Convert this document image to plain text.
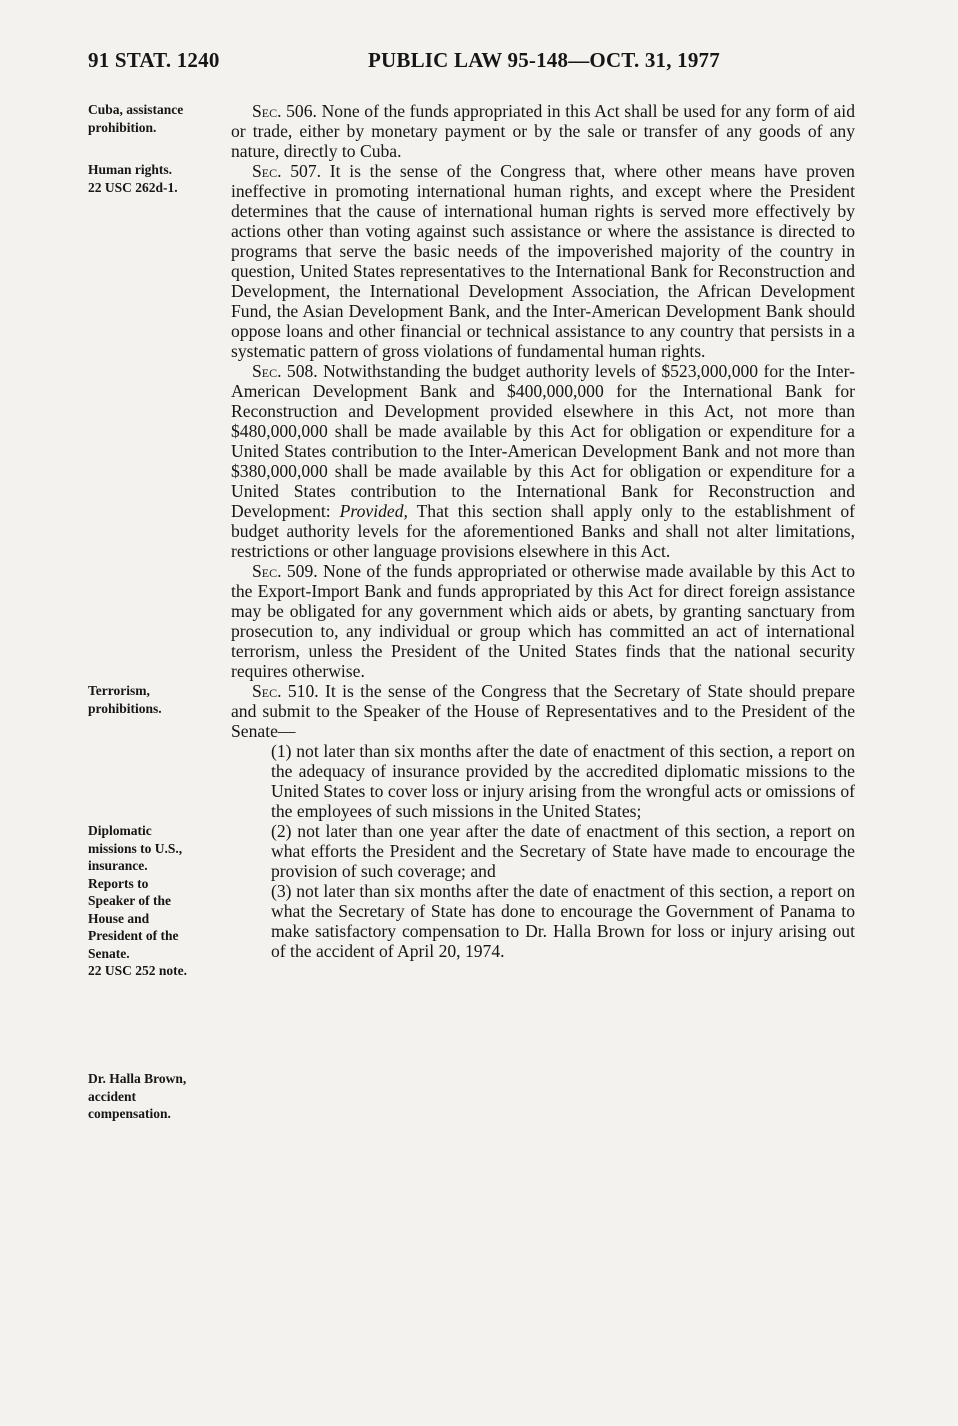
91 STAT. 1240	PUBLIC LAW 95-148—OCT. 31, 1977
Cuba, assistance
prohibition.
Human rights.
22 USC 262d-1.
Terrorism,
prohibitions.
Diplomatic
missions to U.S.,
insurance.
Reports to
Speaker of the
House and
President of the
Senate.
22 USC 252 note.
Dr. Halla Brown,
accident
compensation.

Sec. 506. None of the funds appropriated in this Act shall be used for any form of aid or trade, either by monetary payment or by the sale or transfer of any goods of any nature, directly to Cuba.

Sec. 507. It is the sense of the Congress that, where other means have proven ineffective in promoting international human rights, and except where the President determines that the cause of international human rights is served more effectively by actions other than voting against such assistance or where the assistance is directed to programs that serve the basic needs of the impoverished majority of the country in question, United States representatives to the International Bank for Reconstruction and Development, the International Development Association, the African Development Fund, the Asian Development Bank, and the Inter-American Development Bank should oppose loans and other financial or technical assistance to any country that persists in a systematic pattern of gross violations of fundamental human rights.

Sec. 508. Notwithstanding the budget authority levels of $523,000,000 for the Inter-American Development Bank and $400,000,000 for the International Bank for Reconstruction and Development provided elsewhere in this Act, not more than $480,000,000 shall be made available by this Act for obligation or expenditure for a United States contribution to the Inter-American Development Bank and not more than $380,000,000 shall be made available by this Act for obligation or expenditure for a United States contribution to the International Bank for Reconstruction and Development: Provided, That this section shall apply only to the establishment of budget authority levels for the aforementioned Banks and shall not alter limitations, restrictions or other language provisions elsewhere in this Act.

Sec. 509. None of the funds appropriated or otherwise made available by this Act to the Export-Import Bank and funds appropriated by this Act for direct foreign assistance may be obligated for any government which aids or abets, by granting sanctuary from prosecution to, any individual or group which has committed an act of international terrorism, unless the President of the United States finds that the national security requires otherwise.

Sec. 510. It is the sense of the Congress that the Secretary of State should prepare and submit to the Speaker of the House of Representatives and to the President of the Senate—

(1) not later than six months after the date of enactment of this section, a report on the adequacy of insurance provided by the accredited diplomatic missions to the United States to cover loss or injury arising from the wrongful acts or omissions of the employees of such missions in the United States;

(2) not later than one year after the date of enactment of this section, a report on what efforts the President and the Secretary of State have made to encourage the provision of such coverage; and

(3) not later than six months after the date of enactment of this section, a report on what the Secretary of State has done to encourage the Government of Panama to make satisfactory compensation to Dr. Halla Brown for loss or injury arising out of the accident of April 20, 1974.
